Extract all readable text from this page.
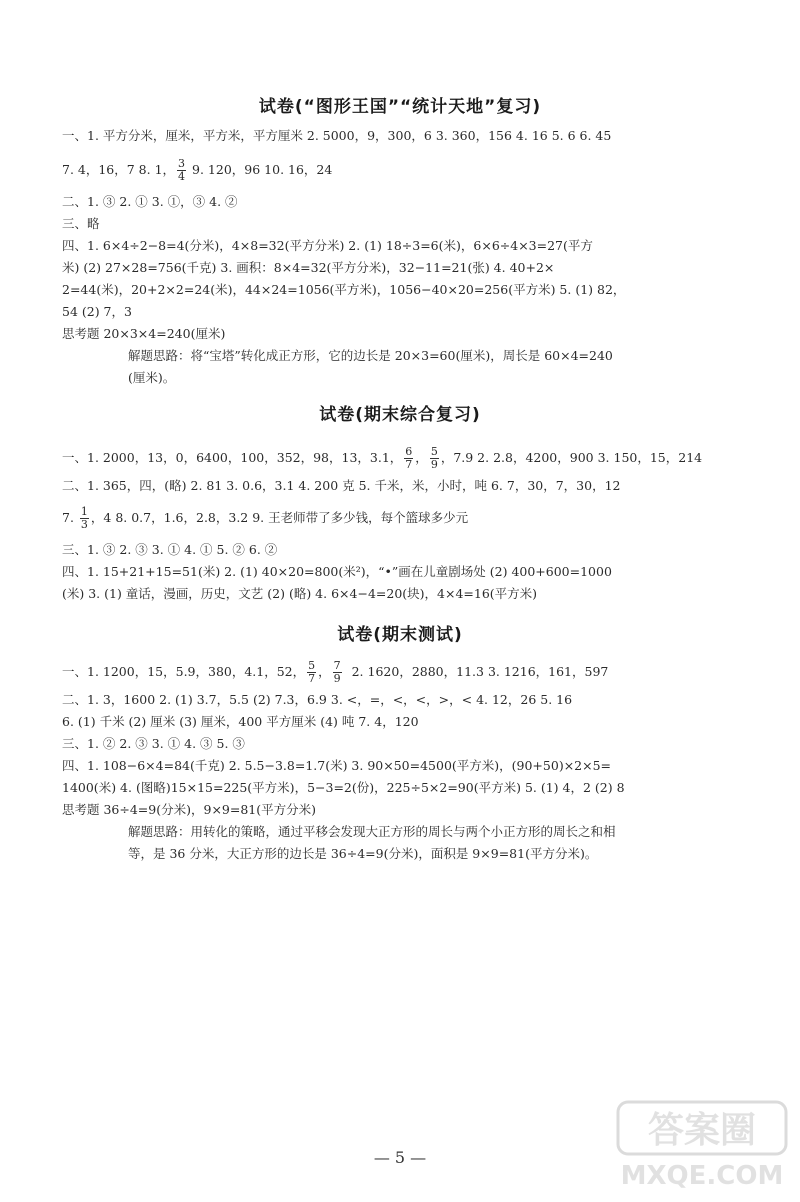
试卷(“图形王国”“统计天地”复习)
一、1. 平方分米，厘米，平方米，平方厘米 2. 5000，9，300，6 3. 360，156 4. 16 5. 6 6. 45
7. 4，16，7 8. 1， $\frac{3}{4} 9$. 120，96 10. 16，24
二、1. ③ 2. ① 3. ①，③ 4. ②
三、略
四、1. 6×4÷2−8=4(分米)，4×8=32(平方分米) 2. (1) 18÷3=6(米)，6×6÷4×3=27(平方
米) (2) 27×28=756(千克) 3. 画积：8×4=32(平方分米)，32−11=21(张) 4. 40+2×
2=44(米)，20+2×2=24(米)，44×24=1056(平方米)，1056−40×20=256(平方米) 5. (1) 82，
54 (2) 7，3
思考题 20×3×4=240(厘米)
解题思路：将“宝塔”转化成正方形，它的边长是 20×3=60(厘米)，周长是 60×4=240
(厘米)。
试卷(期末综合复习)
一、1. 2000，13，0，6400，100，352，98，13，3.1， $\frac{6}{7}$ ， $\frac{5}{9}$ ，7.9 2. 2.8，4200，900 3. 150，15，214
二、1. 365，四，(略) 2. 81 3. 0.6，3.1 4. 200 克 5. 千米，米，小时，吨 6. 7，30，7，30，12
7. $\frac{1}{3}$ ，4 8. 0.7，1.6，2.8，3.2 9. 王老师带了多少钱，每个篮球多少元
三、1. ③ 2. ③ 3. ① 4. ① 5. ② 6. ②
四、1. 15+21+15=51(米) 2. (1) 40×20=800(米²)，“•”画在儿童剧场处 (2) 400+600=1000
(米) 3. (1) 童话，漫画，历史，文艺 (2) (略) 4. 6×4−4=20(块)，4×4=16(平方米)
试卷(期末测试)
一、1. 1200，15，5.9，380，4.1，52， $\frac{5}{7}$ ， $\frac{7}{9} 2$. 1620，2880，11.3 3. 1216，161，597
二、1. 3，1600 2. (1) 3.7，5.5 (2) 7.3，6.9 3. <，=，<，<，>，< 4. 12，26 5. 16
6. (1) 千米 (2) 厘米 (3) 厘米，400 平方厘米 (4) 吨 7. 4，120
三、1. ② 2. ③ 3. ① 4. ③ 5. ③
四、1. 108−6×4=84(千克) 2. 5.5−3.8=1.7(米) 3. 90×50=4500(平方米)，(90+50)×2×5=
1400(米) 4. (图略)15×15=225(平方米)，5−3=2(份)，225÷5×2=90(平方米) 5. (1) 4，2 (2) 8
思考题 36÷4=9(分米)，9×9=81(平方分米)
解题思路：用转化的策略，通过平移会发现大正方形的周长与两个小正方形的周长之和相
等，是 36 分米，大正方形的边长是 36÷4=9(分米)，面积是 9×9=81(平方分米)。
— 5 —
答案圈
MXQE.COM
